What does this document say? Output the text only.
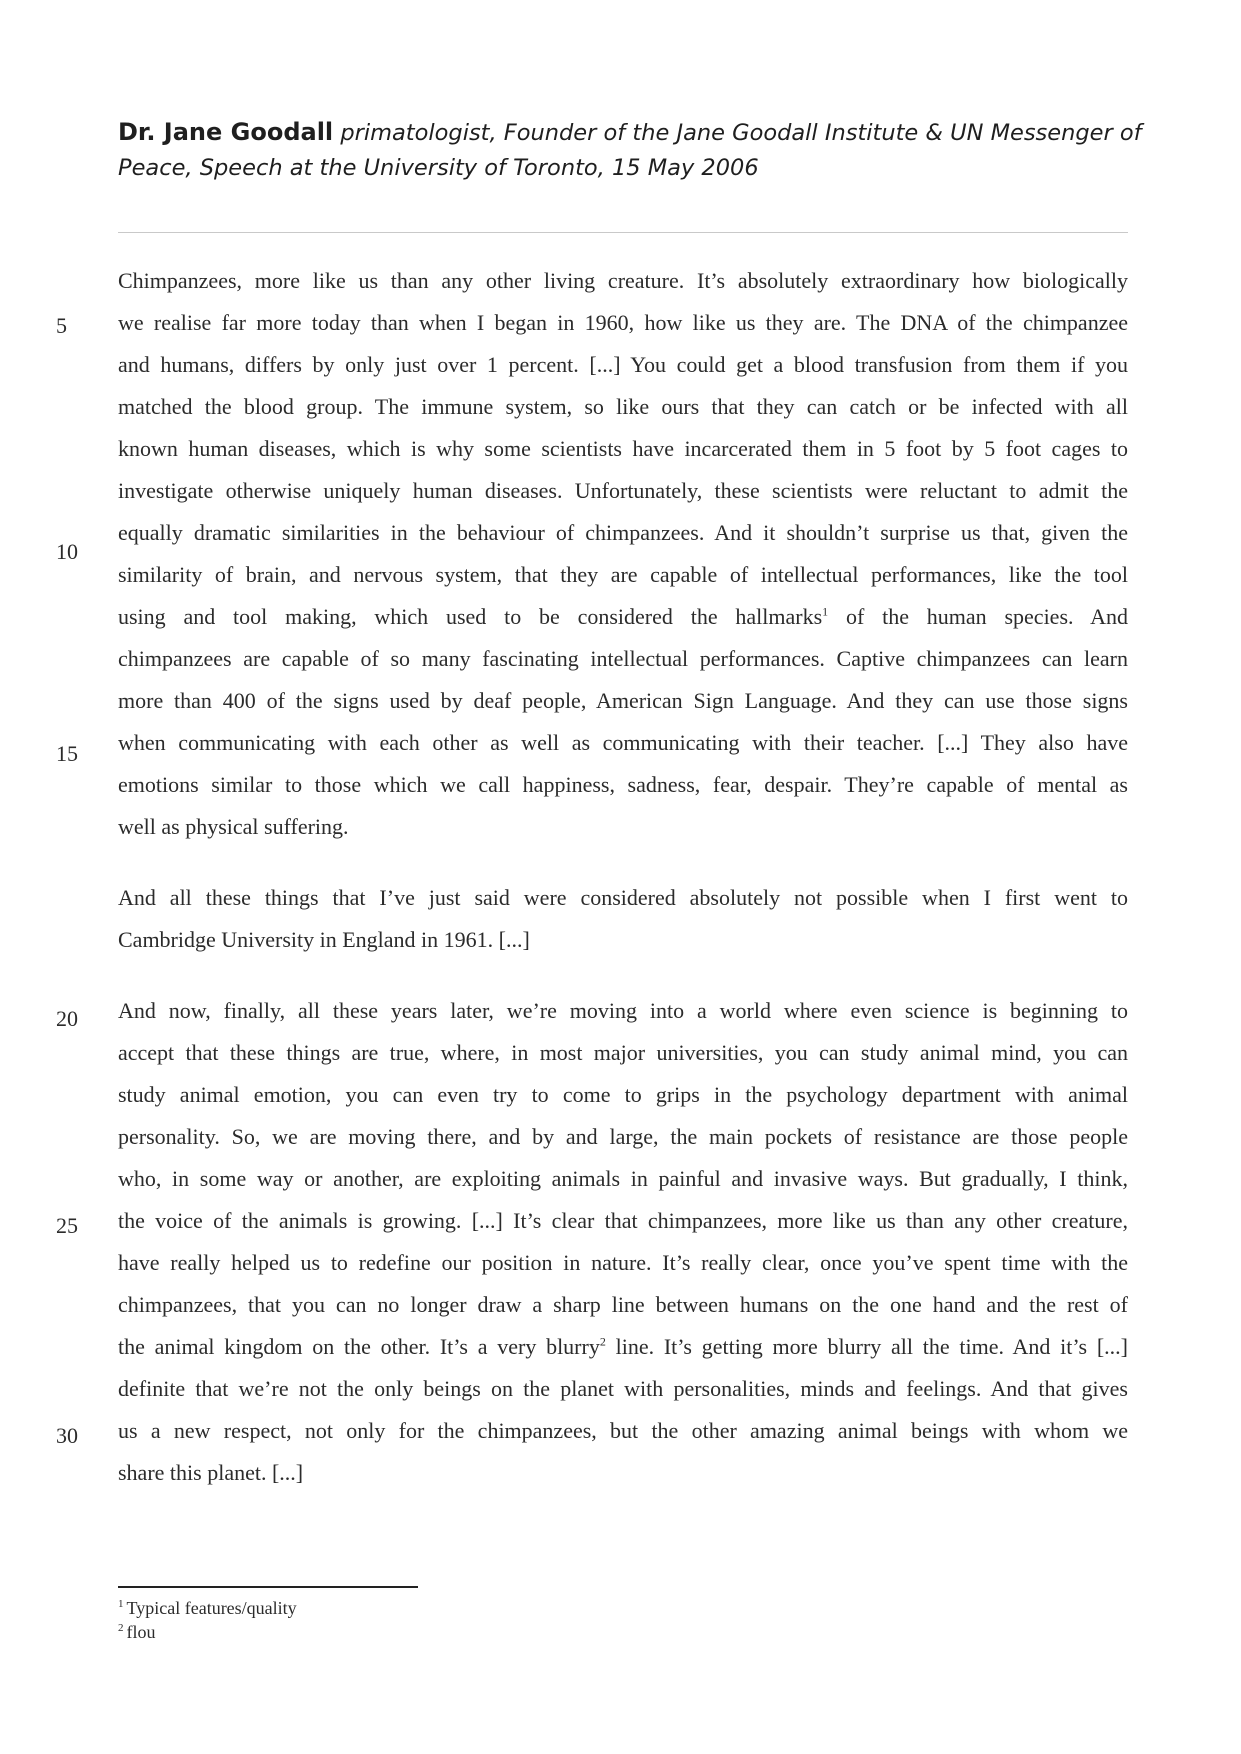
Dr. Jane Goodall primatologist, Founder of the Jane Goodall Institute & UN Messenger of
Peace, Speech at the University of Toronto, 15 May 2006
5
10
15
20
25
30
Chimpanzees, more like us than any other living creature. It’s absolutely extraordinary how biologically
we realise far more today than when I began in 1960, how like us they are. The DNA of the chimpanzee
and humans, differs by only just over 1 percent. [...] You could get a blood transfusion from them if you
matched the blood group. The immune system, so like ours that they can catch or be infected with all
known human diseases, which is why some scientists have incarcerated them in 5 foot by 5 foot cages to
investigate otherwise uniquely human diseases. Unfortunately, these scientists were reluctant to admit the
equally dramatic similarities in the behaviour of chimpanzees. And it shouldn’t surprise us that, given the
similarity of brain, and nervous system, that they are capable of intellectual performances, like the tool
using and tool making, which used to be considered the hallmarks$^1$ of the human species. And
chimpanzees are capable of so many fascinating intellectual performances. Captive chimpanzees can learn
more than 400 of the signs used by deaf people, American Sign Language. And they can use those signs
when communicating with each other as well as communicating with their teacher. [...] They also have
emotions similar to those which we call happiness, sadness, fear, despair. They’re capable of mental as
well as physical suffering.
And all these things that I’ve just said were considered absolutely not possible when I first went to
Cambridge University in England in 1961. [...]
And now, finally, all these years later, we’re moving into a world where even science is beginning to
accept that these things are true, where, in most major universities, you can study animal mind, you can
study animal emotion, you can even try to come to grips in the psychology department with animal
personality. So, we are moving there, and by and large, the main pockets of resistance are those people
who, in some way or another, are exploiting animals in painful and invasive ways. But gradually, I think,
the voice of the animals is growing. [...] It’s clear that chimpanzees, more like us than any other creature,
have really helped us to redefine our position in nature. It’s really clear, once you’ve spent time with the
chimpanzees, that you can no longer draw a sharp line between humans on the one hand and the rest of
the animal kingdom on the other. It’s a very blurry$^2$ line. It’s getting more blurry all the time. And it’s [...]
definite that we’re not the only beings on the planet with personalities, minds and feelings. And that gives
us a new respect, not only for the chimpanzees, but the other amazing animal beings with whom we
share this planet. [...]
$^1$ Typical features/quality
$^2$ flou
